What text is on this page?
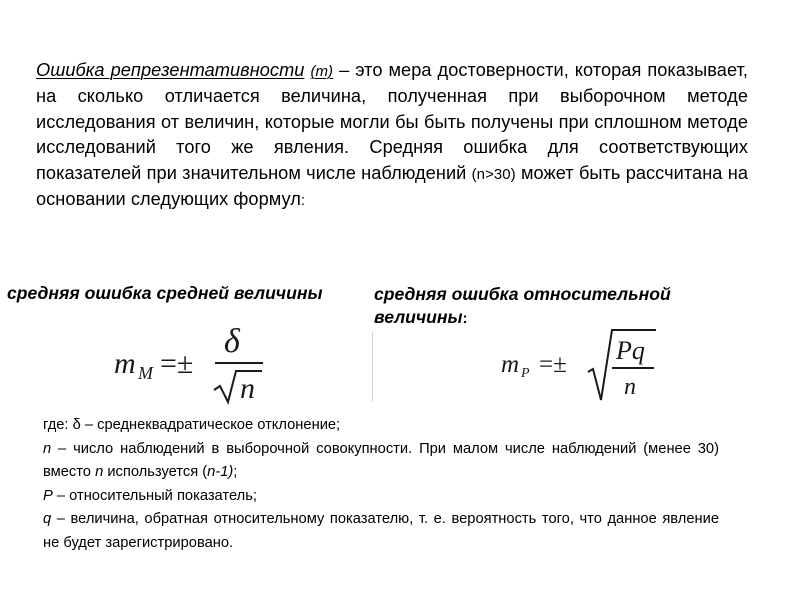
Ошибка репрезентативности (m) – это мера достоверности, которая показывает, на сколько отличается величина, полученная при выборочном методе исследования от величин, которые могли бы быть получены при сплошном методе исследований того же явления. Средняя ошибка для соответствующих показателей при значительном числе наблюдений (n>30) может быть рассчитана на основании следующих формул:
средняя ошибка средней величины	средняя ошибка относительной величины:
m M =±
δ
n
m P =± Pq
n

где: δ – среднеквадратическое отклонение;

n – число наблюдений в выборочной совокупности. При малом числе наблюдений (менее 30) вместо n используется (n-1);

P – относительный показатель;

q – величина, обратная относительному показателю, т. е. вероятность того, что данное явление не будет зарегистрировано.
